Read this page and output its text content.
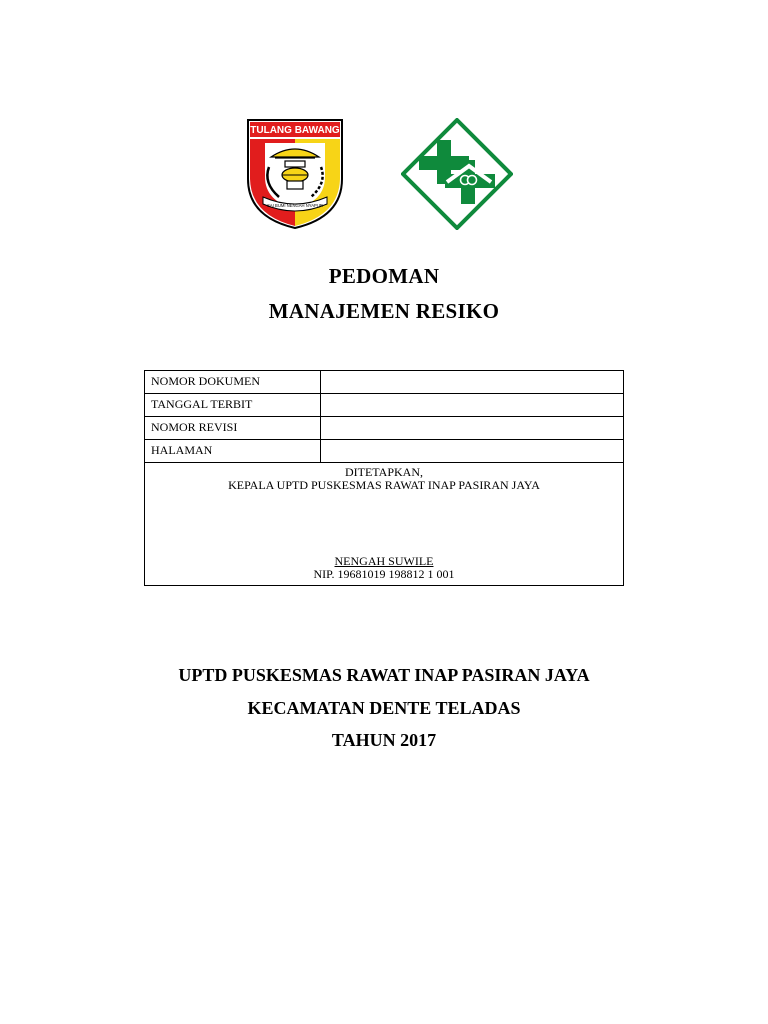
TULANG BAWANG
SAI BUMI NENGAH NYAPUR
PEDOMAN
MANAJEMEN RESIKO
NOMOR DOKUMEN
TANGGAL TERBIT
NOMOR REVISI
HALAMAN
DITETAPKAN,
KEPALA UPTD PUSKESMAS RAWAT INAP PASIRAN JAYA
NENGAH SUWILE
NIP. 19681019 198812 1 001
UPTD PUSKESMAS RAWAT INAP PASIRAN JAYA
KECAMATAN DENTE TELADAS
TAHUN 2017
